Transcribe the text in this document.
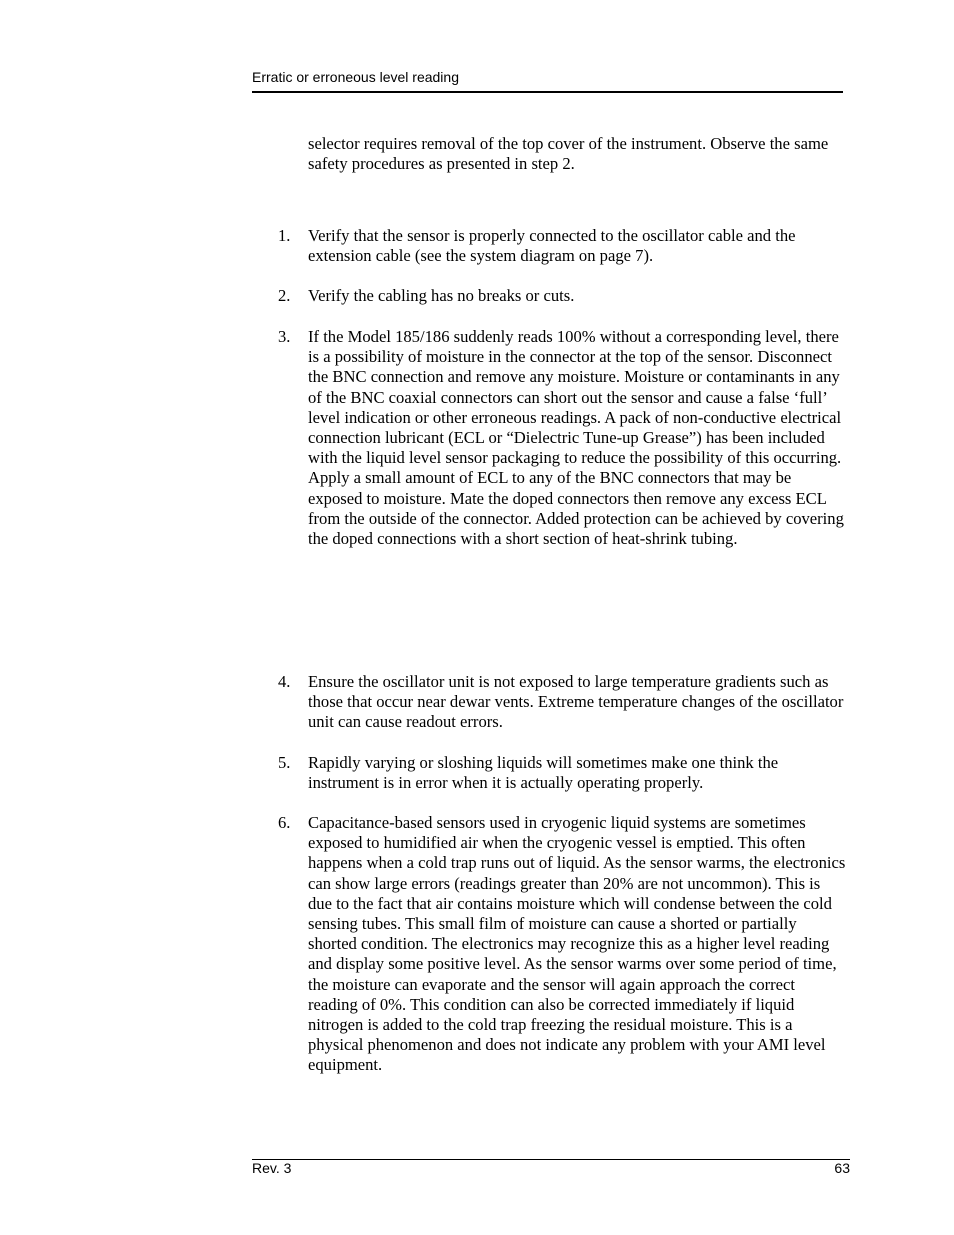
Erratic or erroneous level reading

selector requires removal of the top cover of the instrument. Observe the same safety procedures as presented in step 2.

1.	Verify that the sensor is properly connected to the oscillator cable and the extension cable (see the system diagram on page 7).

2.	Verify the cabling has no breaks or cuts.

3.	If the Model 185/186 suddenly reads 100% without a corresponding level, there is a possibility of moisture in the connector at the top of the sensor. Disconnect the BNC connection and remove any moisture. Moisture or contaminants in any of the BNC coaxial connectors can short out the sensor and cause a false ‘full’ level indication or other erroneous readings. A pack of non-conductive electrical connection lubricant (ECL or “Dielectric Tune-up Grease”) has been included with the liquid level sensor packaging to reduce the possibility of this occurring. Apply a small amount of ECL to any of the BNC connectors that may be exposed to moisture. Mate the doped connectors then remove any excess ECL from the outside of the connector. Added protection can be achieved by covering the doped connections with a short section of heat-shrink tubing.

4.	Ensure the oscillator unit is not exposed to large temperature gradients such as those that occur near dewar vents. Extreme temperature changes of the oscillator unit can cause readout errors.

5.	Rapidly varying or sloshing liquids will sometimes make one think the instrument is in error when it is actually operating properly.

6.	Capacitance-based sensors used in cryogenic liquid systems are sometimes exposed to humidified air when the cryogenic vessel is emptied. This often happens when a cold trap runs out of liquid. As the sensor warms, the electronics can show large errors (readings greater than 20% are not uncommon). This is due to the fact that air contains moisture which will condense between the cold sensing tubes. This small film of moisture can cause a shorted or partially shorted condition. The electronics may recognize this as a higher level reading and display some positive level. As the sensor warms over some period of time, the moisture can evaporate and the sensor will again approach the correct reading of 0%. This condition can also be corrected immediately if liquid nitrogen is added to the cold trap freezing the residual moisture. This is a physical phenomenon and does not indicate any problem with your AMI level equipment.

Rev. 3	63
